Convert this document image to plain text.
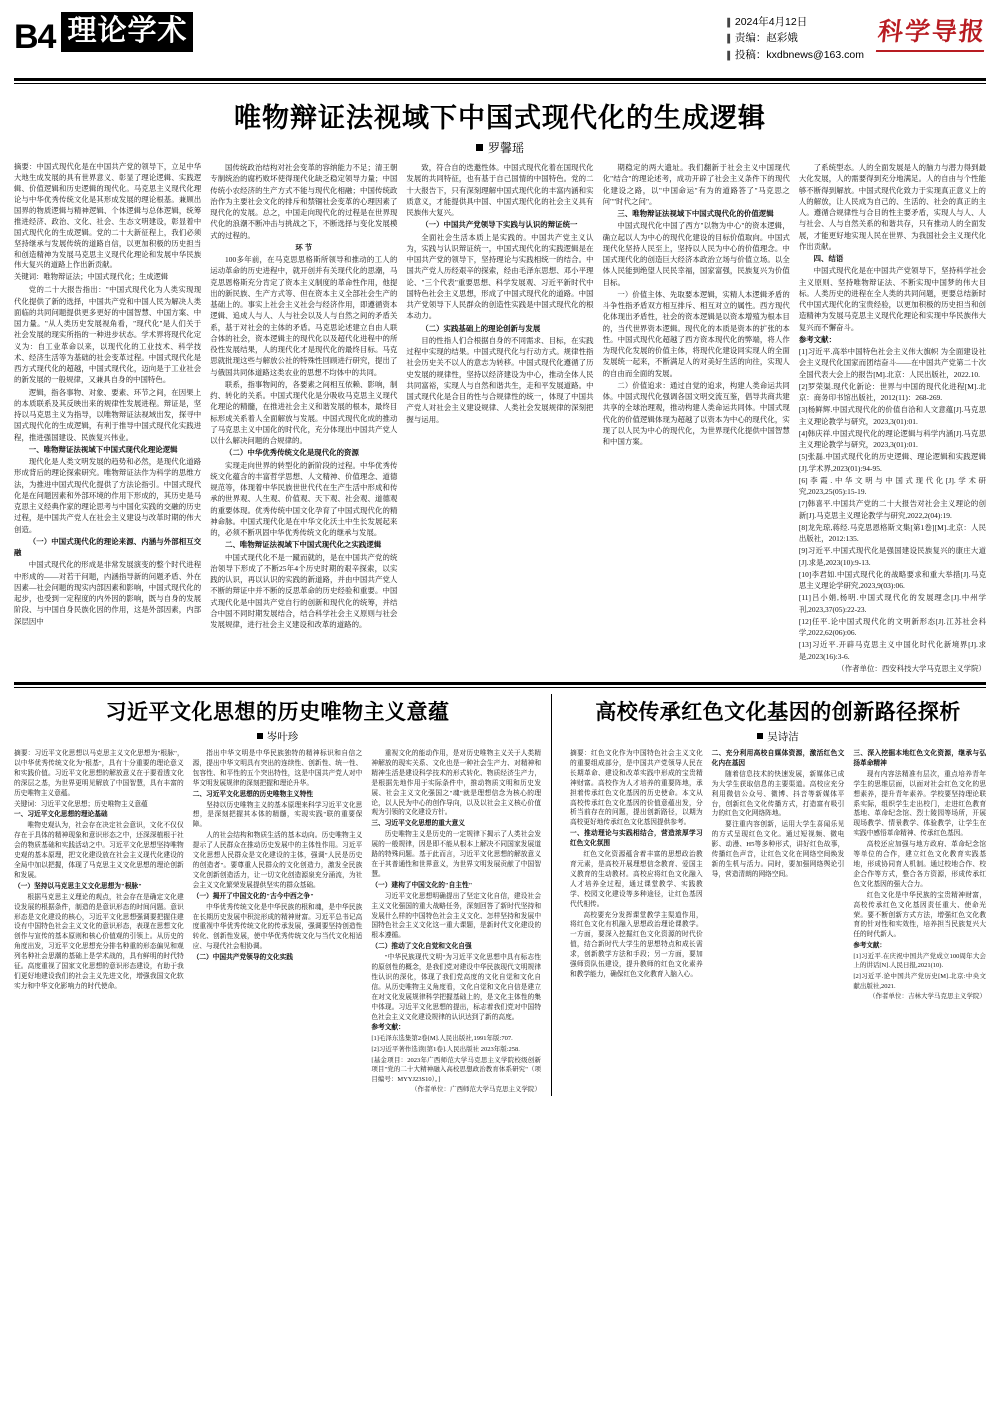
B4 理论学术	▌ 2024年4月12日
▌ 责编：赵彩娥
▌ 投稿：kxdbnews@163.com
科学导报
唯物辩证法视域下中国式现代化的生成逻辑
罗馨瑶

摘要：中国式现代化是在中国共产党的领导下，立足中华大地生成发展的具有世界意义、彰显了理论逻辑、实践逻辑、价值逻辑和历史逻辑的现代化。马克思主义现代化理论与中华优秀传统文化是其形成发展的理论根基。兼顾出国界的物质逻辑与精神逻辑、个体逻辑与总体逻辑，统筹推进经济、政治、文化、社会、生态文明建设，彰显着中国式现代化的生成逻辑。党的二十大新征程上，我们必须坚持继承与发展传统的道路自信，以更加积极的历史担当和创造精神为发展马克思主义现代化理论和发展中华民族伟大复兴的道路上作出新贡献。

关键词：唯物辩证法；中国式现代化；生成逻辑

党的二十大报告指出："中国式现代化为人类实现现代化提供了新的选择，中国共产党和中国人民为解决人类面临的共同问题提供更多更好的中国智慧、中国方案、中国力量。"从人类历史发展视角看，"现代化"是人们关于社会发展的现实所指的一种进步状态。学术界将现代化定义为：自工业革命以来，以现代化的工业技术、科学技术、经济生活等为基础的社会变革过程。中国式现代化是西方式现代化的超越，中国式现代化，迈向是于工业社会的新发展的一般规律，又兼具自身的中国特色。

逻辑，指各事物、对象、要素、环节之间，在因果上的本质联系及其反映出来的规律性发展进程。辩证是，坚持以马克思主义为指导，以唯物辩证法视域出发，探寻中国式现代化的生成逻辑，有利于推导中国式现代化实践进程，推进强国建设、民族复兴伟业。

一、唯物辩证法视域下中国式现代化理论逻辑

现代化是人类文明发展的趋势和必然，是现代化道路形成背后的理论探索研究。唯物辩证法作为科学的思维方法，为推进中国式现代化提供了方法论指引。中国式现代化是在问题因素和外部环境的作用下形成的，其历史是马克思主义经典作家的理论思考与中国化实践的交融的历史过程，是中国共产党人在社会主义建设与改革时期的伟大创造。

（一）中国式现代化的理论来源、内涵与外部相互交融

中国式现代化的形成是非常发展演变的整个时代进程中形成的——对若干问题，内涵指导新的问题矛盾、外在因素—社会问题的现实内部因素和影响，中国式现代化的起步，也受到一定程度的内外因的影响，既与自身的发展阶段、与中国自身民族化因的作用，这是外部因素，内部深层因中

国传统政治结构对社会变革的容纳能力不足；清王朝专制统治的腐朽败坏使得现代化缺乏稳定领导力量；中国传统小农经济的生产方式不能与现代化相融；中国传统政治作为主要社会文化的排斥和禁锢社会变革的心理因素了现代化的发展。总之，中国走向现代化的过程是在世界现代化的浪潮不断冲击与挑战之下，不断选择与变化发展模式的过程的。

环 节

100多年前，在马克思思格斯所领导和推动的工人的运动革命的历史进程中，就开创并有关现代化的思潮，马克思恩格斯充分肯定了资本主义制度的革命性作用，他提出的新民族、生产方式等、但在资本主义全部社会生产的基础上的。事实上社会主义社会与经济作用，即遵循资本逻辑、追成人与人、人与社会以及人与自然之间的矛盾关系，基于对社会的主体的矛盾。马克思论述建立自由人联合体的社会，资本逻辑主的现代化以及超代化进程中的所役性发展结果，人的现代化才是现代化的最终目标。马克思就批现这些与解放公社的特殊性回顾进行研究，提出了与俄国共同体道路这类农业的思想不均体中的共同。

联系，指事物间的，各要素之间相互依赖、影响，制约、转化的关系。中国式现代化是分吸收马克思主义现代化理论的精髓，在推进社会主义和谐发展的根本，最终目标形成关系着人全面解放与发展。中国式现代化成的推动了马克思主义中国化的时代化，充分体现出中国共产党人以什么解决问题的合规律的。

（二）中华优秀传统文化是现代化的资源

实现走向世界的转型化的新阶段的过程。中华优秀传统文化蕴含的丰富哲学思想、人文精神、价值理念、道德规范等，体现着中华民族世世代代在生产生活中形成和传承的世界观、人生观、价值观、天下观、社会观、道德观的重要体现。优秀传统中国文化孕育了中国式现代化的精神命脉。中国式现代化是在中华文化沃土中生长发展起来的，必须不断巩固中华优秀传统文化的继承与发展。

二、唯物辩证法视域下中国式现代化之实践逻辑

中国式现代化不是一蹴而就的，是在中国共产党的统治领导下形成了不断25年4个历史时期的艰辛探索，以实践的认识，再以认识的实践的新道路，并由中国共产党人不断的辩证中并不断的反思革命的历史经验和重要。中国式现代化是中国共产党自行的创新和现代化的统筹，并结合中国不同时期发展结合，结合科学社会主义原则与社会发展规律，进行社会主义建设和改革的道路的。

致，符合自的迭邀性体。中国式现代化着在国现代化发展的共同特征，也有基于自己国情的中国特色。党的二十大报告下，只有深刻理解中国式现代化的丰富内涵和实质意义，才能提供具中国、中国式现代化的社会主义具有民族伟大复兴。

（一）中国共产党领导下实践与认识的辩证统一

全面社会生活本质上是实践的。中国共产党主义认为，实践与认识辩证统一，中国式现代化的实践逻辑是在中国共产党的领导下，坚持理论与实践相统一的结合。中国共产党人历经艰辛的探索，经由毛泽东思想、邓小平理论、"三个代表"重要思想、科学发展观、习近平新时代中国特色社会主义思想，形成了中国式现代化的道路。中国共产党领导下人民群众的创造性实践是中国式现代化的根本动力。

（二）实践基础上的理论创新与发展

目的性指人们合根据自身的不同需求、目标，在实践过程中实现的结果。中国式现代化与行动方式。规律性指社会历史关不以人的意志为转移。中国式现代化遵循了历史发展的规律性，坚持以经济建设为中心，推动全体人民共同富裕，实现人与自然和谐共生，走和平发展道路。中国式现代化是合目的性与合规律性的统一，体现了中国共产党人对社会主义建设规律、人类社会发展规律的深刻把握与运用。

期稳定的两大遗址。我们翻新于社会主义中国现代化"结合"的理论述考，成功开辟了社会主义条件下的现代化建设之路，以"中国命运"有为的道路答了"马克思之问""时代之问"。

三、唯物辩证法视域下中国式现代化的价值逻辑

中国式现代化中国了西方"以物为中心"的资本逻辑，确立起以人为中心的现代化建设的目标价值取向。中国式现代化坚持人民至上，坚持以人民为中心的价值理念。中国式现代化的创造巨大经济本政治立场与价值立场。以全体人民能到绝望人民民幸福，国家富强，民族复兴为价值目标。

一）价值主体、先取要本逻辑，实精人本逻辑矛盾的斗争性指矛盾双方相互排斥、相互对立的属性。西方现代化体现出矛盾性，社会的资本逻辑是以资本增殖为根本目的，当代世界资本逻辑。现代化的本质是资本的扩张的本性。中国式现代化超越了西方资本现代化的弊端，将人作为现代化发展的价值主体，将现代化建设同实现人的全面发展统一起来，不断满足人的对美好生活的向往，实现人的自由而全面的发展。

二）价值追求：通过自觉的追求，构建人类命运共同体。中国式现代化强调各国文明交流互鉴，倡导共商共建共享的全球治理观，推动构建人类命运共同体。中国式现代化的价值逻辑体现为超越了以资本为中心的现代化，实现了以人民为中心的现代化，为世界现代化提供中国智慧和中国方案。

了系统型态。人的全面发展是人的脑力与潜力得到最大化发展，人的需要得到充分地满足。人的自由与个性能够不断得到解放。中国式现代化致力于实现真正意义上的人的解放，让人民成为自己的、生活的、社会的真正的主人。遵循合规律性与合目的性主要矛盾，实现人与人、人与社会、人与自然关系的和谐共存，只有推动人的全面发展，才能更好地实现人民在世界、为我国社会主义现代化作出贡献。

四、结语

中国式现代化是在中国共产党领导下，坚持科学社会主义原则、坚持唯物辩证法、不断实现中国梦的伟大目标。人类历史的进程在全人类的共同问题，更要总结新时代中国式现代化的宝贵经验，以更加积极的历史担当和创造精神为发展马克思主义现代化理论和实现中华民族伟大复兴而不懈奋斗。

参考文献：

[1]习近平.高举中国特色社会主义伟大旗帜 为全面建设社会主义现代化国家而团结奋斗——在中国共产党第二十次全国代表大会上的报告[M].北京：人民出版社，2022.10.

[2]罗荣渠.现代化新论：世界与中国的现代化进程[M].北京：商务印书馆出版社，2012(11)：268-269.

[3]杨鲜辉.中国式现代化的价值自洽和人文意蕴[J].马克思主义理论教学与研究，2023,3(01):01.

[4]韩庆祥.中国式现代化的理论逻辑与科学内涵[J].马克思主义理论教学与研究，2023,3(01):01.

[5]张磊.中国式现代化的历史逻辑、理论逻辑和实践逻辑[J].学术界,2023(01):94-95.

[6]李霞.中华文明与中国式现代化[J].学术研究,2023,25(05):15-19.

[7]韩喜平.中国共产党的二十大报告对社会主义理论的创新[J].马克思主义理论教学与研究,2022,2(04):19.

[8]龙先琼,蒋经.马克思恩格斯文集[第1卷][M].北京：人民出版社，2012:135.

[9]习近平.中国式现代化是强国建设民族复兴的康庄大道[J].求是,2023(10):9-13.

[10]李君如.中国式现代化的战略要求和重大举措[J].马克思主义理论学研究,2023,9(03):06.

[11]吕小娟,杨明.中国式现代化的发展理念[J].中州学刊,2023,37(05):22-23.

[12]任平.论中国式现代化的文明新形态[J].江苏社会科学,2022,62(06):06.

[13]习近平.开辟马克思主义中国化时代化新境界[J].求是,2023(16):3-6.

（作者单位：西安科技大学马克思主义学院）

习近平文化思想的历史唯物主义意蕴
岑叶珍

摘要：习近平文化思想以马克思主义文化思想为"根脉"，以中华优秀传统文化为"根基"，具有十分重要的理论意义和实践价值。习近平文化思想的解放意义在于要看透文化的深层之基，为世界更明见解放了中国智慧，具有丰富的历史唯物主义意蕴。

关键词：习近平文化思想；历史唯物主义意蕴

一、习近平文化思想的理论基础

唯物史观认为，社会存在决定社会意识，文化不仅仅存在于具体的精神现象和意识形态之中，还深深植根于社会的物质基础和实践活动之中。习近平文化思想坚持唯物史观的基本原理，把文化建设放在社会主义现代化建设的全局中加以把握，体现了马克思主义文化思想的理论创新和发展。

（一）坚持以马克思主义文化思想为"根脉"

根据马克思主义理论的观点，社会存在是确定文化建设发展的根据条件，制造的是意识形态的时间问题。意识形态是文化建设的核心，习近平文化思想强调要把握住建设有中国特色社会主义文化的意识形态，表现在思想文化创作与宣传的基本原则和核心价值观的引领上。从历史的角度出发，习近平文化思想充分排名种重的形态偏见和观列名种社会思潮的基础上是学术战的，具有鲜明的时代特征。高度重视了国家文化思想的意识形态建设，有助于我们更好地建设我们的社会主义先进文化，增强我国文化软实力和中华文化影响力的时代使命。

指出中华文明是中华民族独特的精神标识和自信之源，提出中华文明具有突出的连续性、创新性、统一性、包容性、和平性的五个突出特性，这是中国共产党人对中华文明发展规律的深刻把握和理论升华。

二、习近平文化思想的历史唯物主义特性

坚持以历史唯物主义的基本原理来科学习近平文化思想，是深刻把握其本体的精髓，实现实践"联的重要保障。

人的社会结构和物质生活的基本动向。历史唯物主义提示了人民群众在推动历史发展中的主体性作用。习近平文化思想人民群众是文化建设的主体，强调"人民是历史的创造者"。要尊重人民群众的文化创造力，激发全民族文化创新创造活力，让一切文化创造源泉充分涌流，为社会主义文化繁荣发展提供坚实的群众基础。

（一）揭开了中国文化的"古今中西之争"

中华优秀传统文化是中华民族的根和魂，是中华民族在长期历史发展中积淀形成的精神财富。习近平总书记高度重视中华优秀传统文化的传承发展，强调要坚持创造性转化、创新性发展，使中华优秀传统文化与当代文化相适应、与现代社会相协调。

（二）中国共产党领导的文化实践

重视文化的能动作用，是对历史唯物主义关于人类精神解放的现实关系、文化也是一种社会生产力、对精神和精神生活是建设科学技术的形式转化、物质经济生产力，是根据先地作用于实际条件中，推动物质文明和历史发展、社会主义文化强国之"魂"就是理想信念为核心的理论，以人民为中心的创作导向，以及以社会主义核心价值观为引领的文化建设方针。

三、习近平文化思想的重大意义

历史唯物主义是历史的一定规律下揭示了人类社会发展的一般规律，因是即不能从根本上解决不同国家发展道路的特殊问题。基于此而言，习近平文化思想的解放意义在于其普通性和世界意义，为世界文明发展贡献了中国智慧。

（一）建构了中国文化的"自主性"

习近平文化思想明确提出了坚定文化自信，建设社会主义文化强国的重大战略任务，深刻回答了新时代坚持和发展什么样的中国特色社会主义文化、怎样坚持和发展中国特色社会主义文化这一重大课题，是新时代文化建设的根本遵循。

（二）推动了文化自觉和文化自强

"中华民族现代文明"为习近平文化思想中具有标志性的原创性的概念，是我们党对建设中华民族现代文明规律性认识的深化，体现了我们党高度的文化自觉和文化自信。从历史唯物主义角度看，文化自觉和文化自信是建立在对文化发展规律科学把握基础上的，是文化主体性的集中体现。习近平文化思想的提出，标志着我们党对中国特色社会主义文化建设规律的认识达到了新的高度。

参考文献：

[1]毛泽东选集第2卷[M].人民出版社,1991年版:707.

[2]习近平著作选读[第1卷].人民出版社 2023年版:258.

[基金项目：2023年广西师范大学马克思主义学院校级创新项目"党的二十大精神融入高校思想政治教育体系研究"（项目编号：MYYJ23S10）。]

（作者单位：广西师范大学马克思主义学院）

高校传承红色文化基因的创新路径探析
吴诗洁

摘要：红色文化作为中国特色社会主义文化的重要组成部分，是中国共产党领导人民在长期革命、建设和改革实践中形成的宝贵精神财富。高校作为人才培养的重要阵地，承担着传承红色文化基因的历史使命。本文从高校传承红色文化基因的价值意蕴出发，分析当前存在的问题，提出创新路径，以期为高校更好地传承红色文化基因提供参考。

一、推动理论与实践相结合，营造浓厚学习红色文化氛围

红色文化资源蕴含着丰富的思想政治教育元素，是高校开展理想信念教育、爱国主义教育的生动教材。高校应将红色文化融入人才培养全过程，通过课堂教学、实践教学、校园文化建设等多种途径，让红色基因代代相传。

高校要充分发挥课堂教学主渠道作用，将红色文化有机融入思想政治理论课教学。一方面，要深入挖掘红色文化资源的时代价值，结合新时代大学生的思想特点和成长需求，创新教学方法和手段；另一方面，要加强师资队伍建设，提升教师的红色文化素养和教学能力，确保红色文化教育入脑入心。

二、充分利用高校自媒体资源，激活红色文化内在基因

随着信息技术的快速发展，新媒体已成为大学生获取信息的主要渠道。高校应充分利用微信公众号、微博、抖音等新媒体平台，创新红色文化传播方式，打造富有吸引力的红色文化网络阵地。

要注重内容创新，运用大学生喜闻乐见的方式呈现红色文化。通过短视频、微电影、动漫、H5等多种形式，讲好红色故事，传播红色声音，让红色文化在网络空间焕发新的生机与活力。同时，要加强网络舆论引导，营造清朗的网络空间。

三、深入挖掘本地红色文化资源，继承与弘扬革命精神

现有内容法精准有层次，重点培养青年学生的思维层面，以面对社会红色文化的思想素养，提升青年素养。学校要坚持理论联系实际，组织学生走出校门，走进红色教育基地、革命纪念馆、烈士陵园等场所，开展现场教学、情景教学、体验教学，让学生在实践中感悟革命精神、传承红色基因。

高校还应加强与地方政府、革命纪念馆等单位的合作，建立红色文化教育实践基地，形成协同育人机制。通过校地合作、校企合作等方式，整合各方资源，形成传承红色文化基因的强大合力。

红色文化是中华民族的宝贵精神财富，高校传承红色文化基因责任重大、使命光荣。要不断创新方式方法，增强红色文化教育的针对性和实效性，培养担当民族复兴大任的时代新人。

参考文献：

[1]习近平.在庆祝中国共产党成立100周年大会上的讲话[N].人民日报,2021(10).

[2]习近平.论中国共产党历史[M].北京:中央文献出版社,2021.

（作者单位：吉林大学马克思主义学院）
